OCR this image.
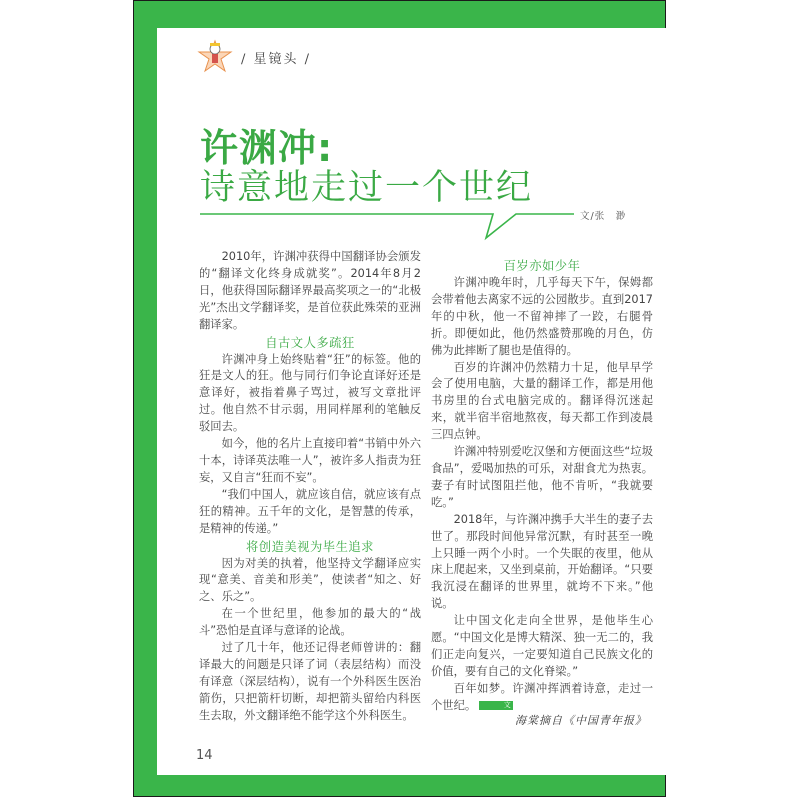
/ 星镜头 /
许渊冲:
诗意地走过一个世纪
文/张　渺

2010年，许渊冲获得中国翻译协会颁发的“翻译文化终身成就奖”。2014年8月2日，他获得国际翻译界最高奖项之一的“北极光”杰出文学翻译奖，是首位获此殊荣的亚洲翻译家。

自古文人多疏狂

许渊冲身上始终贴着“狂”的标签。他的狂是文人的狂。他与同行们争论直译好还是意译好，被指着鼻子骂过，被写文章批评过。他自然不甘示弱，用同样犀利的笔触反驳回去。

如今，他的名片上直接印着“书销中外六十本，诗译英法唯一人”，被许多人指责为狂妄，又自言“狂而不妄”。

“我们中国人，就应该自信，就应该有点狂的精神。五千年的文化，是智慧的传承，是精神的传递。”

将创造美视为毕生追求

因为对美的执着，他坚持文学翻译应实现“意美、音美和形美”，使读者“知之、好之、乐之”。

在一个世纪里，他参加的最大的“战斗”恐怕是直译与意译的论战。

过了几十年，他还记得老师曾讲的：翻译最大的问题是只译了词（表层结构）而没有译意（深层结构），说有一个外科医生医治箭伤，只把箭杆切断，却把箭头留给内科医生去取，外文翻译绝不能学这个外科医生。

百岁亦如少年

许渊冲晚年时，几乎每天下午，保姆都会带着他去离家不远的公园散步。直到2017年的中秋，他一不留神摔了一跤，右腿骨折。即便如此，他仍然盛赞那晚的月色，仿佛为此摔断了腿也是值得的。

百岁的许渊冲仍然精力十足，他早早学会了使用电脑，大量的翻译工作，都是用他书房里的台式电脑完成的。翻译得沉迷起来，就半宿半宿地熬夜，每天都工作到凌晨三四点钟。

许渊冲特别爱吃汉堡和方便面这些“垃圾食品”，爱喝加热的可乐，对甜食尤为热衷。妻子有时试图阻拦他，他不肯听，“我就要吃。”

2018年，与许渊冲携手大半生的妻子去世了。那段时间他异常沉默，有时甚至一晚上只睡一两个小时。一个失眠的夜里，他从床上爬起来，又坐到桌前，开始翻译。“只要我沉浸在翻译的世界里，就垮不下来。”他说。

让中国文化走向全世界，是他毕生心愿。“中国文化是博大精深、独一无二的，我们正走向复兴，一定要知道自己民族文化的价值，要有自己的文化脊梁。”

百年如梦。许渊冲挥洒着诗意，走过一个世纪。	文

海棠摘自《中国青年报》
14
